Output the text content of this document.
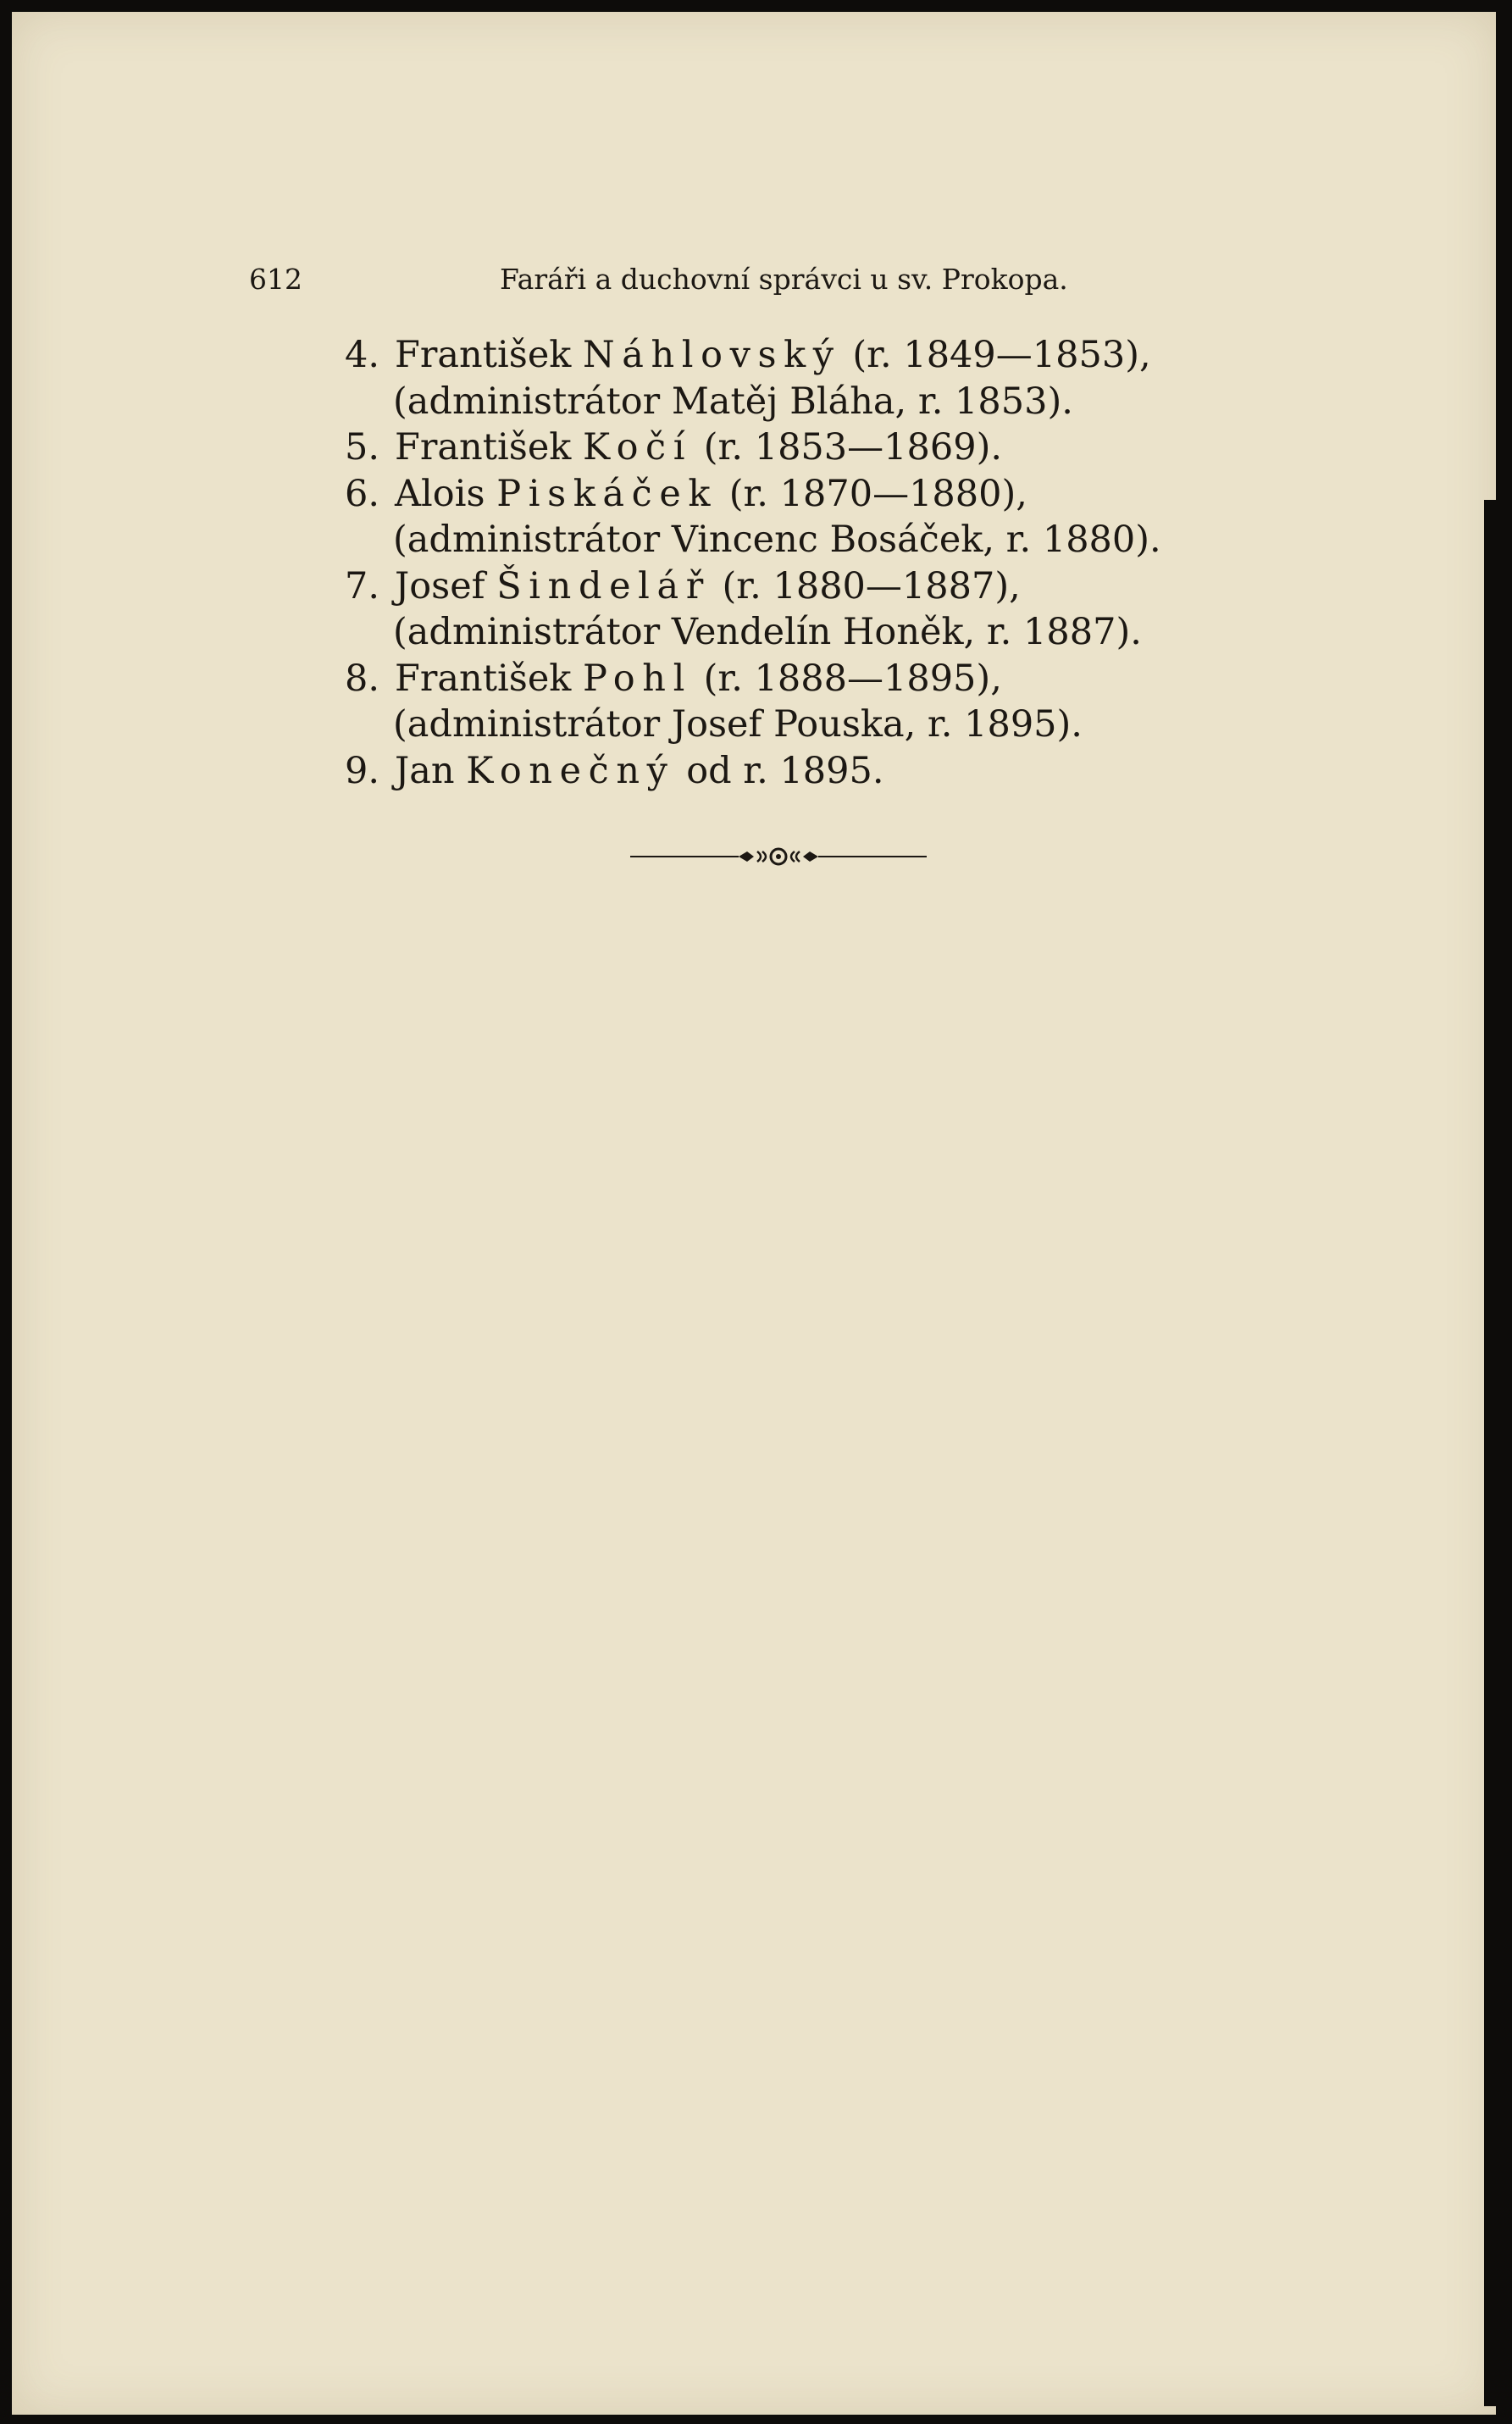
612	Faráři a duchovní správci u sv. Prokopa.
4. František Náhlovský (r. 1849—1853),
(administrátor Matěj Bláha, r. 1853).
5. František Kočí (r. 1853—1869).
6. Alois Piskáček (r. 1870—1880),
(administrátor Vincenc Bosáček, r. 1880).
7. Josef Šindelář (r. 1880—1887),
(administrátor Vendelín Honěk, r. 1887).
8. František Pohl (r. 1888—1895),
(administrátor Josef Pouska, r. 1895).
9. Jan Konečný od r. 1895.
